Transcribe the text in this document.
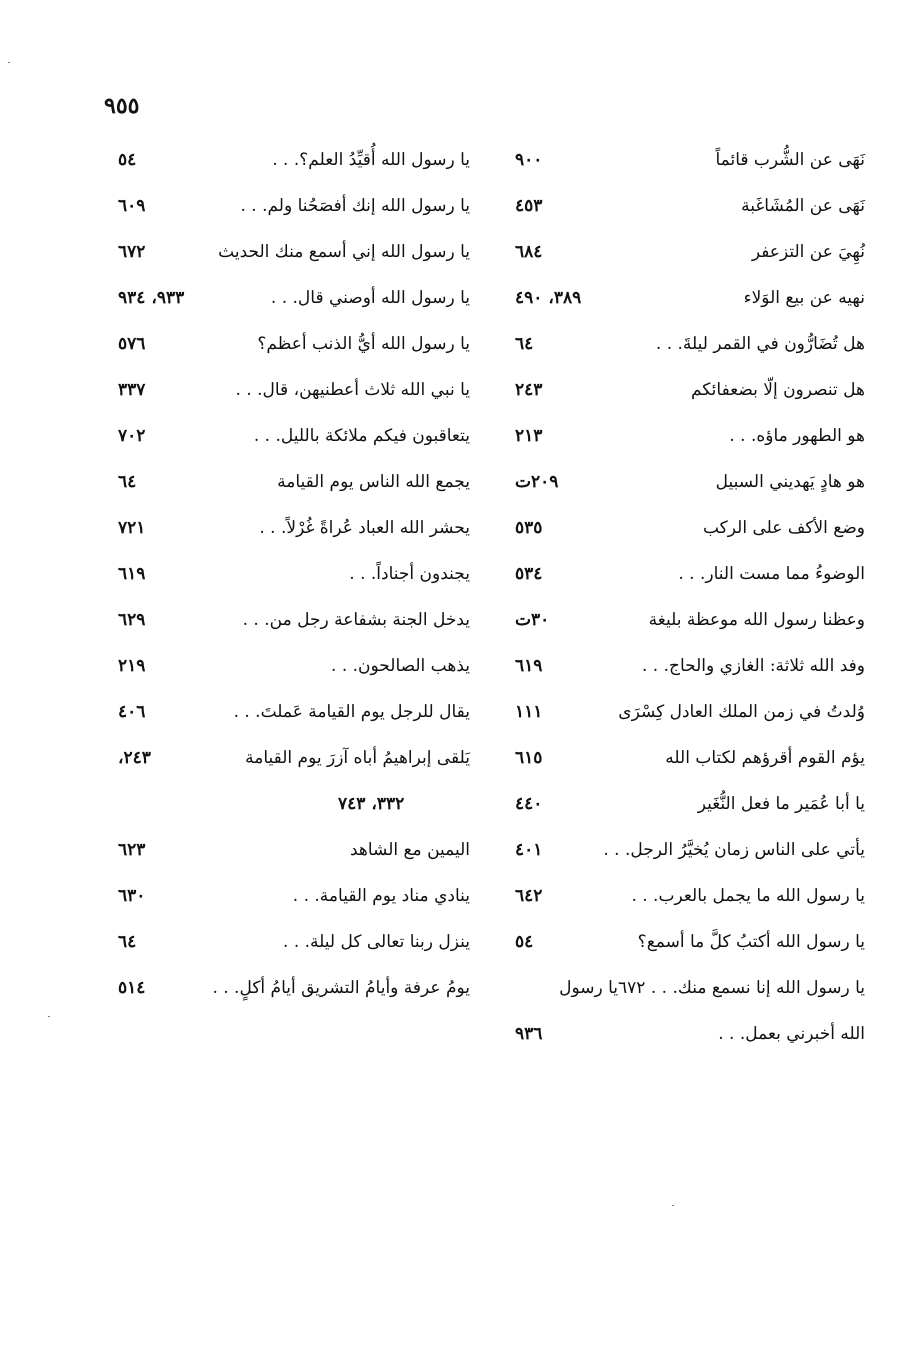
٩٥٥
نَهَى عن الشُّرب قائماً
٩٠٠
نَهَى عن المُشَاغَبة
٤٥٣
نُهِيَ عن التزعفر
٦٨٤
نهيه عن بيع الوَلاء
٣٨٩، ٤٩٠
هل تُضَارُّون في القمر ليلةَ. . .
٦٤
هل تنصرون إلّا بضعفائكم
٢٤٣
هو الطهور ماؤه. . .
٢١٣
هو هادٍ يَهديني السبيل
٢٠٩ت
وضع الأكف على الركب
٥٣٥
الوضوءُ مما مست النار. . .
٥٣٤
وعظنا رسول الله موعظة بليغة
٣٠ت
وفد الله ثلاثة: الغازي والحاج. . .
٦١٩
وُلدتُ في زمن الملك العادل كِسْرَى
١١١
يؤم القوم أقرؤهم لكتاب الله
٦١٥
يا أبا عُمَير ما فعل النُّغَير
٤٤٠
يأتي على الناس زمان يُخيَّرُ الرجل. . .
٤٠١
يا رسول الله ما يجمل بالعرب. . .
٦٤٢
يا رسول الله أكتبُ كلَّ ما أسمع؟
٥٤
يا رسول الله إنا نسمع منك. . . ٦٧٢يا رسول
الله أخبرني بعمل. . .
٩٣٦
يا رسول الله أُقيِّدُ العلم؟. . .
٥٤
يا رسول الله إنك أفصَحُنا ولم. . .
٦٠٩
يا رسول الله إني أسمع منك الحديث
٦٧٢
يا رسول الله أوصني قال. . .
٩٣٣، ٩٣٤
يا رسول الله أيُّ الذنب أعظم؟
٥٧٦
يا نبي الله ثلاث أعطنيهن، قال. . .
٣٣٧
يتعاقبون فيكم ملائكة بالليل. . .
٧٠٢
يجمع الله الناس يوم القيامة
٦٤
يحشر الله العباد عُراةً غُرْلاً. . .
٧٢١
يجندون أجناداً. . .
٦١٩
يدخل الجنة بشفاعة رجل من. . .
٦٢٩
يذهب الصالحون. . .
٢١٩
يقال للرجل يوم القيامة عَملتَ. . .
٤٠٦
يَلقى إبراهيمُ أباه آزرَ يوم القيامة
٢٤٣،
٣٣٢، ٧٤٣
اليمين مع الشاهد
٦٢٣
ينادي مناد يوم القيامة. . .
٦٣٠
ينزل ربنا تعالى كل ليلة. . .
٦٤
يومُ عرفة وأيامُ التشريق أيامُ أكلٍ. . .
٥١٤
